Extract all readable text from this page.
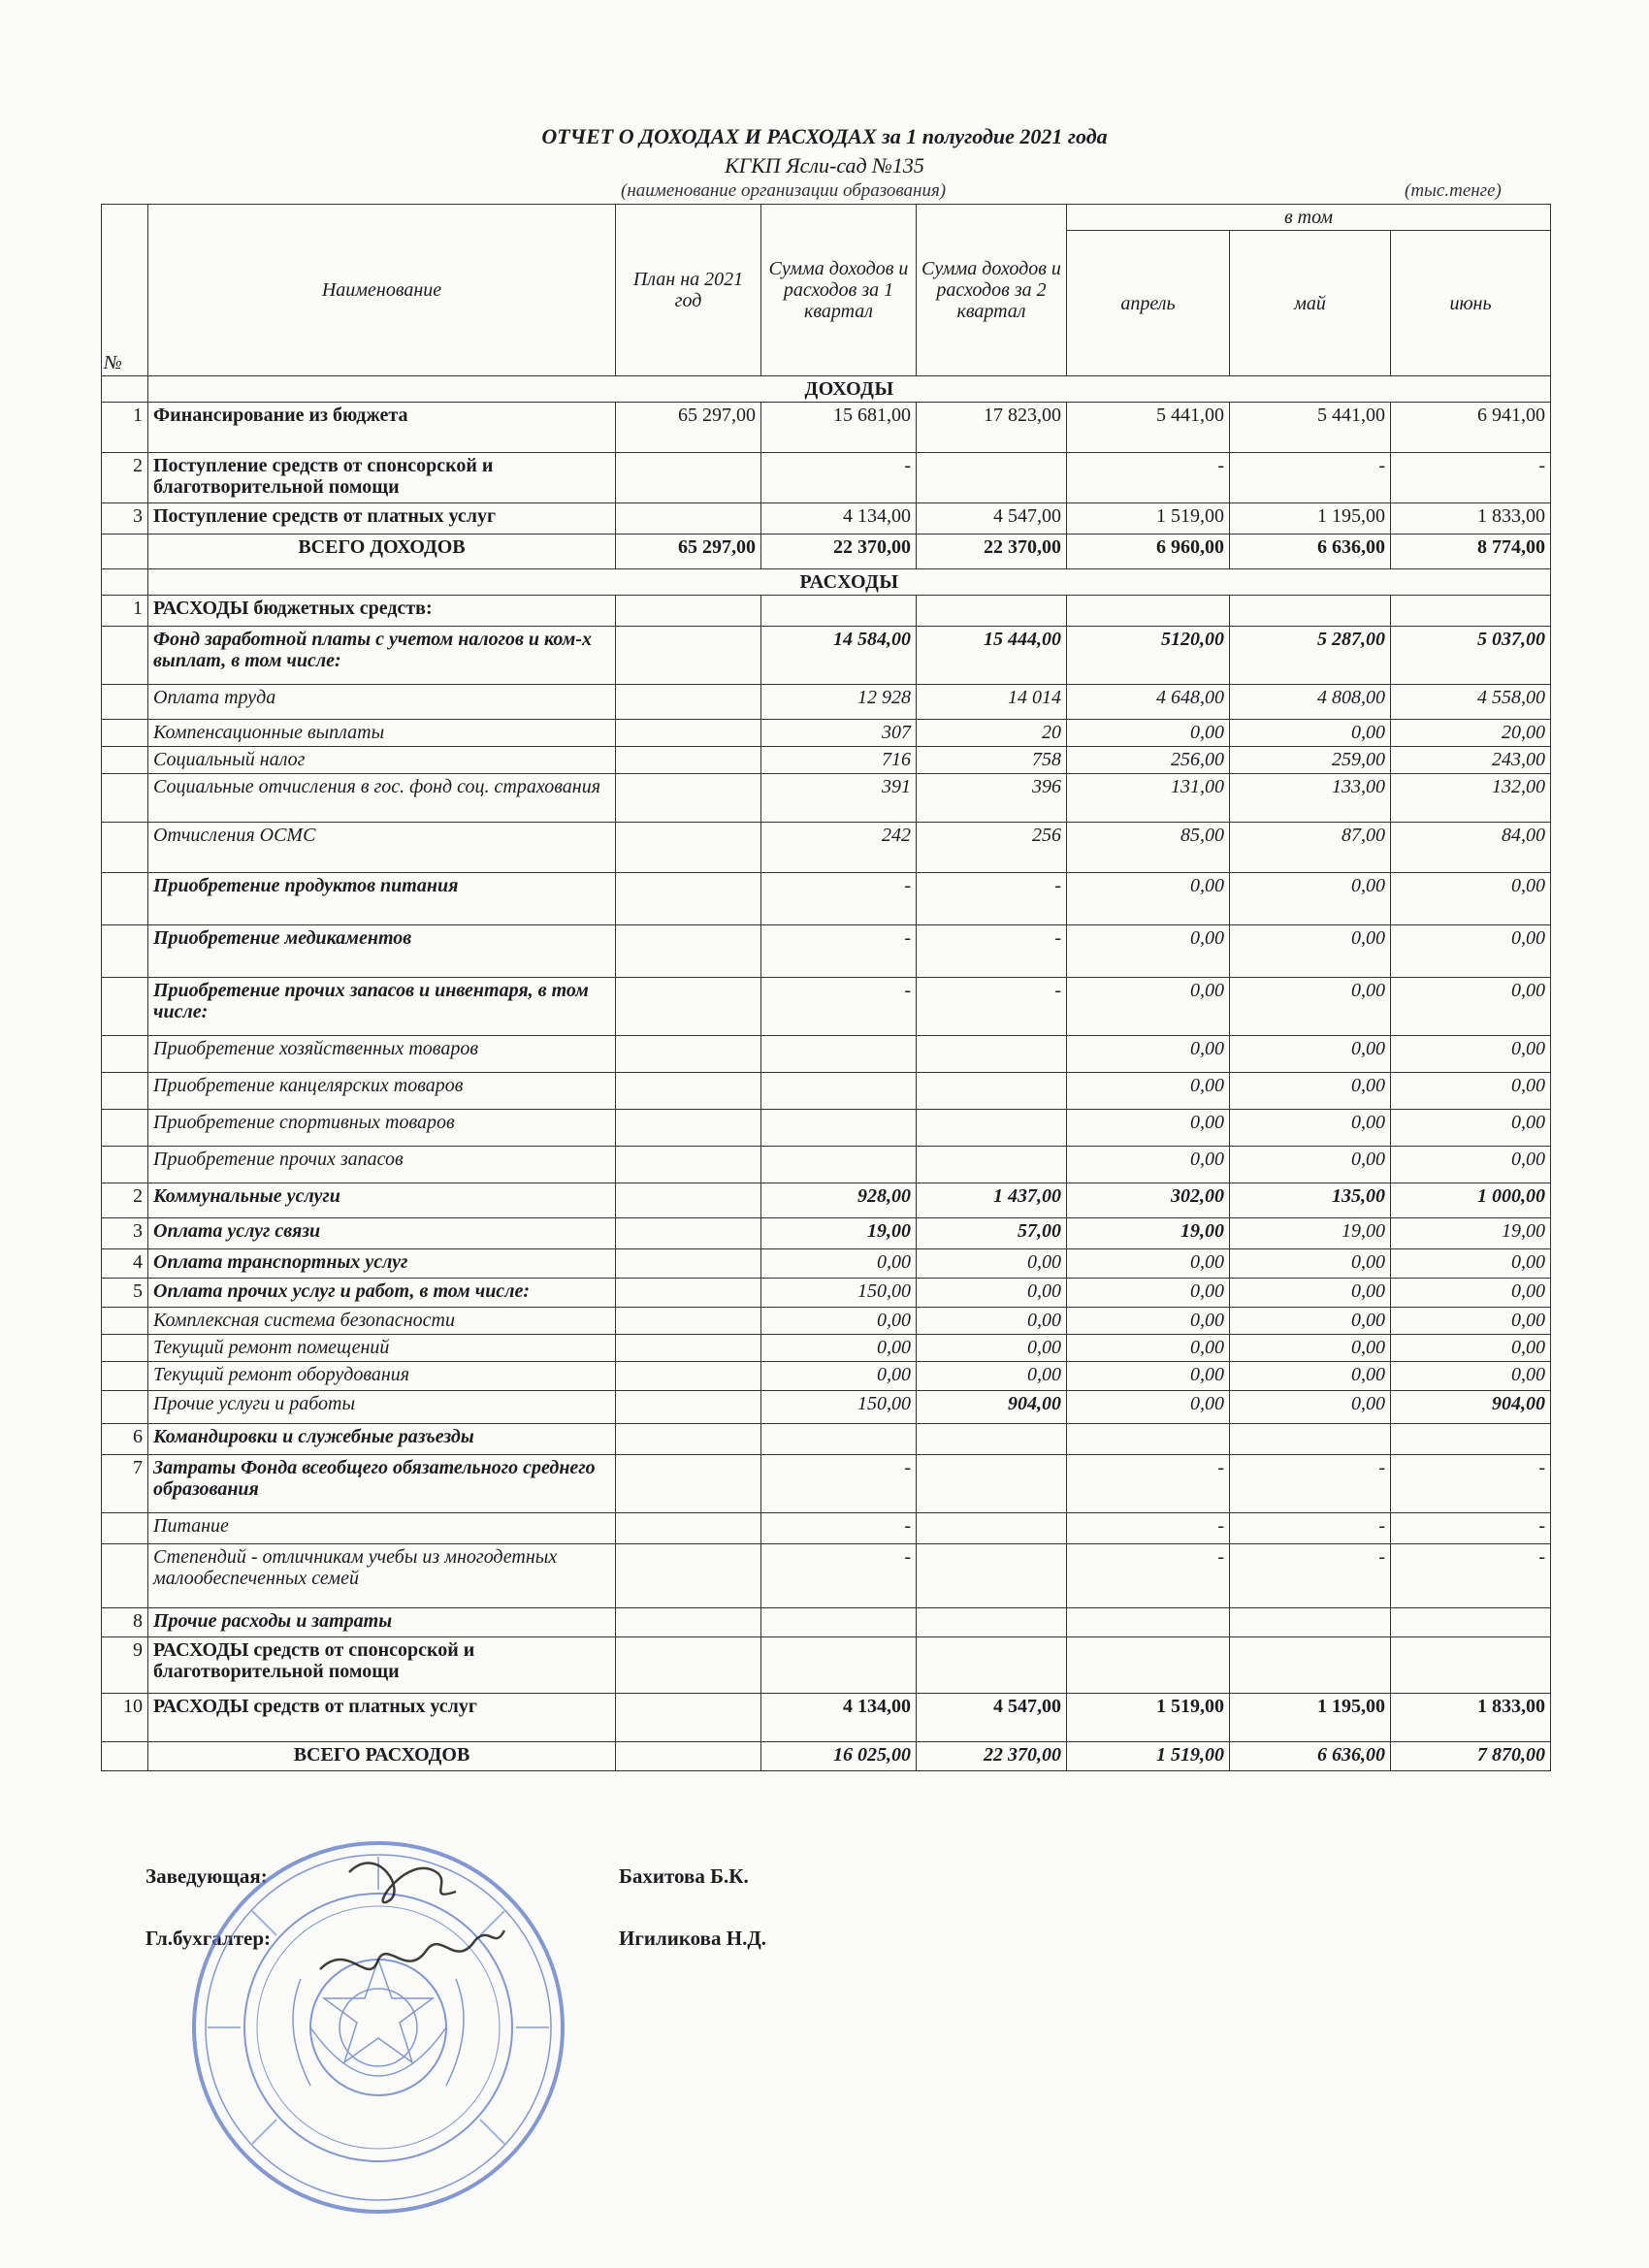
ОТЧЕТ О ДОХОДАХ И РАСХОДАХ за 1 полугодие 2021 года
КГКП Ясли-сад №135
(наименование организации образования)	(тыс.тенге)
№	Наименование	План на 2021 год	Сумма доходов и расходов за 1 квартал	Сумма доходов и расходов за 2 квартал	в том		
					апрель	май	июнь
	ДОХОДЫ						
1	Финансирование из бюджета	65 297,00	15 681,00	17 823,00	5 441,00	5 441,00	6 941,00
2	Поступление средств от спонсорской и благотворительной помощи		-		-	-	-
3	Поступление средств от платных услуг		4 134,00	4 547,00	1 519,00	1 195,00	1 833,00
	ВСЕГО ДОХОДОВ	65 297,00	22 370,00	22 370,00	6 960,00	6 636,00	8 774,00
	РАСХОДЫ						
1	РАСХОДЫ бюджетных средств:						
	Фонд заработной платы с учетом налогов и ком-х выплат, в том числе:		14 584,00	15 444,00	5120,00	5 287,00	5 037,00
	Оплата труда		12 928	14 014	4 648,00	4 808,00	4 558,00
	Компенсационные выплаты		307	20	0,00	0,00	20,00
	Социальный налог		716	758	256,00	259,00	243,00
	Социальные отчисления в гос. фонд соц. страхования		391	396	131,00	133,00	132,00
	Отчисления ОСМС		242	256	85,00	87,00	84,00
	Приобретение продуктов питания		-	-	0,00	0,00	0,00
	Приобретение медикаментов		-	-	0,00	0,00	0,00
	Приобретение прочих запасов и инвентаря, в том числе:		-	-	0,00	0,00	0,00
	Приобретение хозяйственных товаров				0,00	0,00	0,00
	Приобретение канцелярских товаров				0,00	0,00	0,00
	Приобретение спортивных товаров				0,00	0,00	0,00
	Приобретение прочих запасов				0,00	0,00	0,00
2	Коммунальные услуги		928,00	1 437,00	302,00	135,00	1 000,00
3	Оплата услуг связи		19,00	57,00	19,00	19,00	19,00
4	Оплата транспортных услуг		0,00	0,00	0,00	0,00	0,00
5	Оплата прочих услуг и работ, в том числе:		150,00	0,00	0,00	0,00	0,00
	Комплексная система безопасности		0,00	0,00	0,00	0,00	0,00
	Текущий ремонт помещений		0,00	0,00	0,00	0,00	0,00
	Текущий ремонт оборудования		0,00	0,00	0,00	0,00	0,00
	Прочие услуги и работы		150,00	904,00	0,00	0,00	904,00
6	Командировки и служебные разъезды						
7	Затраты Фонда всеобщего обязательного среднего образования		-		-	-	-
	Питание		-		-	-	-
	Степендий - отличникам учебы из многодетных малообеспеченных семей		-		-	-	-
8	Прочие расходы и затраты						
9	РАСХОДЫ средств от спонсорской и благотворительной помощи						
10	РАСХОДЫ средств от платных услуг		4 134,00	4 547,00	1 519,00	1 195,00	1 833,00
	ВСЕГО РАСХОДОВ		16 025,00	22 370,00	1 519,00	6 636,00	7 870,00
Заведующая:	Бахитова Б.К.
Гл.бухгалтер:	Игиликова Н.Д.
